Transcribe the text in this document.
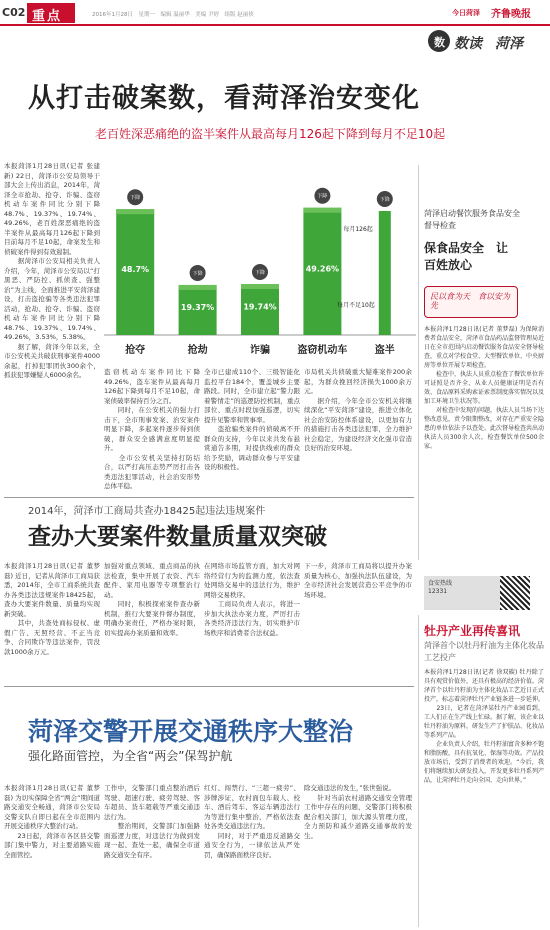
C02 重点	2016年1月28日　星期一　编辑 温丽华　美编 尹婷　组版 赵丽侠	今日菏泽 齐鲁晚报
数 数读 菏泽
从打击破案数，看菏泽治安变化
老百姓深恶痛绝的盗半案件从最高每月126起下降到每月不足10起
本报菏泽1月28日讯(记者 张建新) 22日，菏泽市公安局领导干部大会上传出消息，2014年，菏泽全市抢劫、抢夺、诈骗、盗窃机动车案件同比分别下降48.7%、19.37%、19.74%、49.26%，老百姓深恶痛绝的盗半案件从最高每月126起下降到目前每月不足10起，命案发生和侦破案件得到有效遏制。
　　据菏泽市公安局相关负责人介绍，今年，菏泽市公安局以“打黑恶、严防控、抓侦查、强整治”为主线，全面推进平安菏泽建设，打击盗抢骗等各类违法犯罪活动，抢劫、抢夺、诈骗、盗窃机动车案件同比分别下降48.7%、19.37%、19.74%、49.26%，3.53%，5.38%。
　　据了解，菏泽今年以来，全市公安机关共破获刑事案件4000余起，打掉犯罪团伙300余个，抓获犯罪嫌疑人6000余名。
48.7%
下降
抢夺
19.37%
下降
抢劫
19.74%
下降
诈骗
49.26%
下降
盗窃机动车
下降
每月126起
每月不足10起
盗半
盗窃机动车案件同比下降49.26%，盗车案件从最高每月126起下降到每月不足10起，命案侦破率保持百分之百。
　　同时，在公安机关的强力打击下，全市刑事发案、治安案件明显下降，多起案件逐步得到侦破，群众安全感满意度明显提升。
　　全市公安机关坚持打防结合，以严打高压态势严厉打击各类违法犯罪活动，社会治安形势总体平稳。
全市已建成110个、三级智能化监控平台184个，覆盖城乡主要路段。同时，全市建立起“警力跟着警情走”的巡逻防控机制，重点部位、重点时段加强巡逻，切实提升见警率和管事率。
　　盗抢骗类案件的侦破离不开群众的支持，今年以来共发布悬赏通告多期，对提供线索的群众给予奖励，调动群众参与平安建设的积极性。
市局机关共侦破重大疑难案件200余起，为群众挽回经济损失1000余万元。
　　据介绍，今年全市公安机关将继续深化“平安菏泽”建设，推进立体化社会治安防控体系建设，以更加有力的措施打击各类违法犯罪，全力维护社会稳定，为建设经济文化强市营造良好的治安环境。
菏泽启动餐饮服务食品安全督导检查
保食品安全　让百姓放心
民以食为天　食以安为先
本报菏泽1月28日讯(记者 董梦磊) 为保障消费者食品安全，菏泽市食品药品监督管理局近日在全市范围内启动餐饮服务食品安全督导检查，重点对学校食堂、大型餐饮单位、中央厨房等单位开展专项检查。
　　检查中，执法人员重点检查了餐饮单位许可证照是否齐全、从业人员健康证明是否有效、食品原料采购索证索票制度落实情况以及加工环境卫生状况等。
　　对检查中发现的问题，执法人员当场下达整改意见，责令限期整改，对存在严重安全隐患的单位依法予以查处。此次督导检查共出动执法人员300余人次，检查餐饮单位500余家。
食安热线
12331
2014年，菏泽市工商局共查办18425起违法违规案件
查办大要案件数量质量双突破
本报菏泽1月28日讯(记者 董梦磊) 近日，记者从菏泽市工商局获悉，2014年，全市工商系统共查办各类违法违规案件18425起，查办大要案件数量、质量均实现新突破。
　　其中，共查处商标侵权、虚假广告、无照经营、不正当竞争、合同欺诈等违法案件，罚没款1000余万元。
加强对重点领域、重点商品的执法检查，集中开展了农资、汽车配件、家用电器等专项整治行动。
　　同时，积极探索案件查办新机制，推行大要案件督办制度，明确办案责任，严格办案时限，切实提高办案质量和效率。
在网络市场监管方面，加大对网络经营行为的监测力度，依法查处网络交易中的违法行为，维护网络交易秩序。
　　工商局负责人表示，将进一步加大执法办案力度，严厉打击各类经济违法行为，切实维护市场秩序和消费者合法权益。
下一步，菏泽市工商局将以提升办案质量为核心，加强执法队伍建设，为全市经济社会发展营造公平竞争的市场环境。
菏泽交警开展交通秩序大整治
强化路面管控，为全省“两会”保驾护航
本报菏泽1月28日讯(记者 董梦磊) 为切实保障全省“两会”期间道路交通安全畅通，菏泽市公安局交警支队自即日起在全市范围内开展交通秩序大整治行动。
　　23日起，菏泽市各区县交警部门集中警力，对主要道路实施全面管控。
工作中，交警部门重点整治酒后驾驶、超速行驶、疲劳驾驶、客车超员、货车超载等严重交通违法行为。
　　整治期间，交警部门加强路面巡逻力度，对违法行为做到发现一起、查处一起，确保全市道路交通安全有序。
红灯、闯禁行、“三超一疲劳”、涉牌涉证、农村面包车载人、校车、酒后驾车、客运车辆违法行为等进行集中整治，严格依法查处各类交通违法行为。
　　同时，对于严重违反道路交通安全行为，一律依法从严处罚，确保路面秩序良好。
除交通违法的发生，”张世强说。
　　针对当前农村道路交通安全管理工作中存在的问题，交警部门将积极配合相关部门，加大源头管理力度，全力预防和减少道路交通事故的发生。
牡丹产业再传喜讯
菏泽首个以牡丹籽油为主体化妆品工艺投产
本报菏泽1月28日讯(记者 徐双碳) 牡丹除了具有观赏价值外，还具有极高的经济价值。菏泽首个以牡丹籽油为主体化妆品工艺近日正式投产，标志着菏泽牡丹产业链条进一步延伸。
　　23日，记者在菏泽某牡丹产业园看到，工人们正在生产线上忙碌。据了解，该企业以牡丹籽油为原料，研发生产了护肤品、化妆品等系列产品。
　　企业负责人介绍，牡丹籽油富含多种不饱和脂肪酸，具有抗氧化、保湿等功效。产品投放市场后，受到了消费者的欢迎。“今后，我们将继续加大研发投入，开发更多牡丹系列产品，让菏泽牡丹走向全国、走向世界。”
